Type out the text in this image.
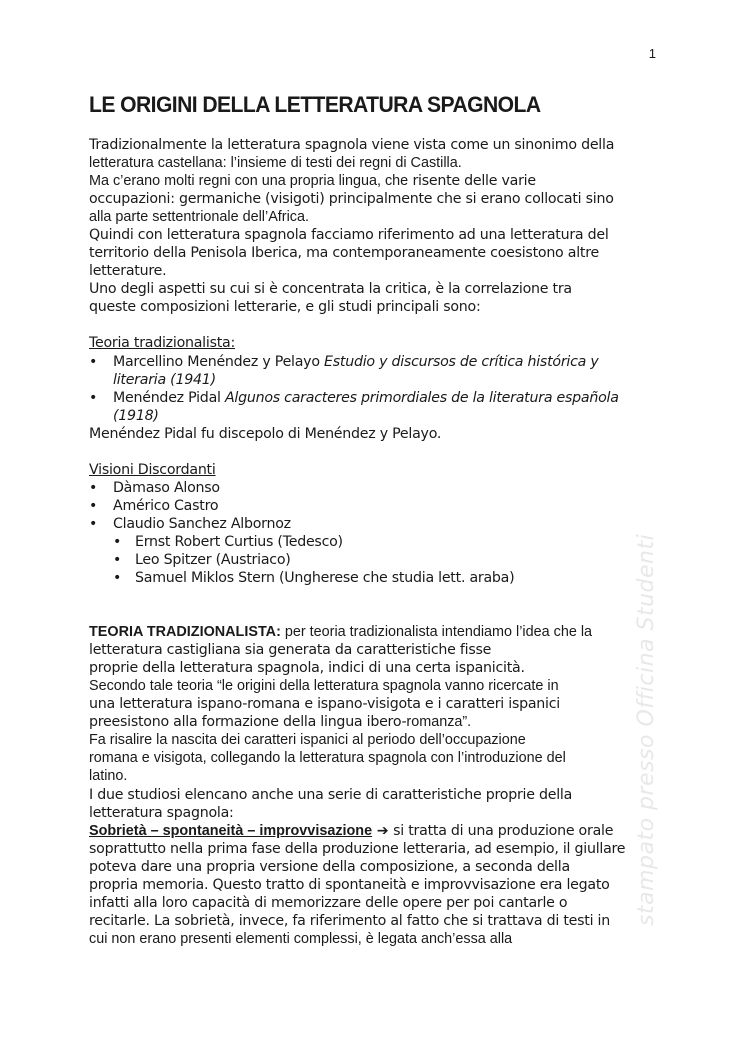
1
LE ORIGINI DELLA LETTERATURA SPAGNOLA

Tradizionalmente la letteratura spagnola viene vista come un sinonimo della

letteratura castellana: l’insieme di testi dei regni di Castilla.

Ma c’erano molti regni con una propria lingua, che risente delle varie

occupazioni: germaniche (visigoti) principalmente che si erano collocati sino

alla parte settentrionale dell’Africa.

Quindi con letteratura spagnola facciamo riferimento ad una letteratura del

territorio della Penisola Iberica, ma contemporaneamente coesistono altre

letterature.

Uno degli aspetti su cui si è concentrata la critica, è la correlazione tra

queste composizioni letterarie, e gli studi principali sono:

Teoria tradizionalista:

• Marcellino Menéndez y Pelayo Estudio y discursos de crítica histórica y literaria (1941)
• Menéndez Pidal Algunos caracteres primordiales de la literatura española (1918)

Menéndez Pidal fu discepolo di Menéndez y Pelayo.

Visioni Discordanti

• Dàmaso Alonso
• Américo Castro
• Claudio Sanchez Albornoz
• Ernst Robert Curtius (Tedesco)
• Leo Spitzer (Austriaco)
• Samuel Miklos Stern (Ungherese che studia lett. araba)

TEORIA TRADIZIONALISTA: per teoria tradizionalista intendiamo l’idea che la

letteratura castigliana sia generata da caratteristiche fisse

proprie della letteratura spagnola, indici di una certa ispanicità.

Secondo tale teoria “le origini della letteratura spagnola vanno ricercate in

una letteratura ispano-romana e ispano-visigota e i caratteri ispanici

preesistono alla formazione della lingua ibero-romanza”.

Fa risalire la nascita dei caratteri ispanici al periodo dell’occupazione

romana e visigota, collegando la letteratura spagnola con l’introduzione del

latino.

I due studiosi elencano anche una serie di caratteristiche proprie della

letteratura spagnola:

Sobrietà – spontaneità – improvvisazione ➔ si tratta di una produzione orale

soprattutto nella prima fase della produzione letteraria, ad esempio, il giullare

poteva dare una propria versione della composizione, a seconda della

propria memoria. Questo tratto di spontaneità e improvvisazione era legato

infatti alla loro capacità di memorizzare delle opere per poi cantarle o

recitarle. La sobrietà, invece, fa riferimento al fatto che si trattava di testi in

cui non erano presenti elementi complessi, è legata anch’essa alla

stampato presso Officina Studenti
